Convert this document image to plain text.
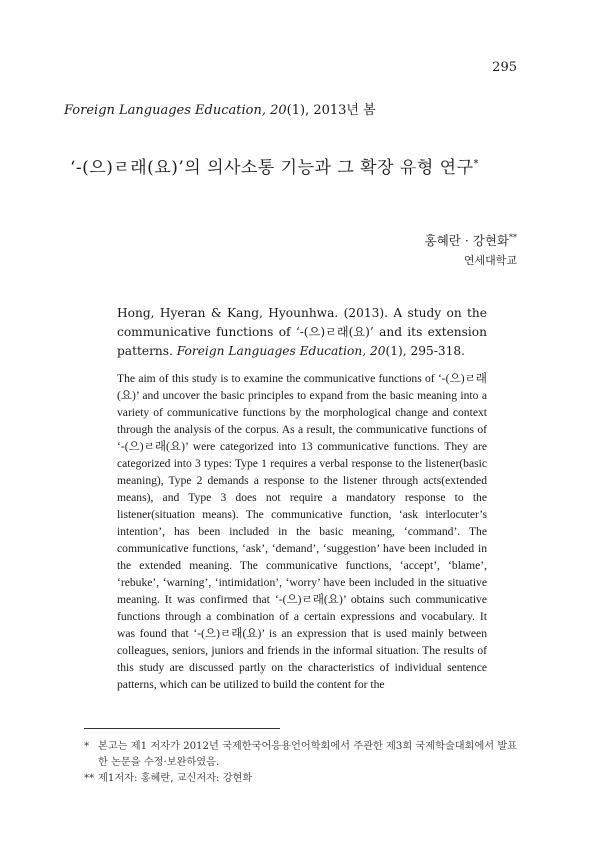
295
Foreign Languages Education, 20(1), 2013년 봄
‘-(으)ㄹ래(요)’의 의사소통 기능과 그 확장 유형 연구*
홍혜란 · 강현화**
연세대학교
Hong, Hyeran & Kang, Hyounhwa. (2013). A study on the communicative functions of ‘-(으)ㄹ래(요)’ and its extension patterns. Foreign Languages Education, 20(1), 295-318.
The aim of this study is to examine the communicative functions of ‘-(으)ㄹ래(요)’ and uncover the basic principles to expand from the basic meaning into a variety of communicative functions by the morphological change and context through the analysis of the corpus. As a result, the communicative functions of ‘-(으)ㄹ래(요)’ were categorized into 13 communicative functions. They are categorized into 3 types: Type 1 requires a verbal response to the listener(basic meaning), Type 2 demands a response to the listener through acts(extended means), and Type 3 does not require a mandatory response to the listener(situation means). The communicative function, ‘ask interlocuter’s intention’, has been included in the basic meaning, ‘command’. The communicative functions, ‘ask’, ‘demand’, ‘suggestion’ have been included in the extended meaning. The communicative functions, ‘accept’, ‘blame’, ‘rebuke’, ‘warning’, ‘intimidation’, ‘worry’ have been included in the situative meaning. It was confirmed that ‘-(으)ㄹ래(요)’ obtains such communicative functions through a combination of a certain expressions and vocabulary. It was found that ‘-(으)ㄹ래(요)’ is an expression that is used mainly between colleagues, seniors, juniors and friends in the informal situation. The results of this study are discussed partly on the characteristics of individual sentence patterns, which can be utilized to build the content for the
* 본고는 제1 저자가 2012년 국제한국어응용언어학회에서 주관한 제3회 국제학술대회에서 발표한 논문을 수정·보완하였음.
** 제1저자: 홍혜란, 교신저자: 강현화
